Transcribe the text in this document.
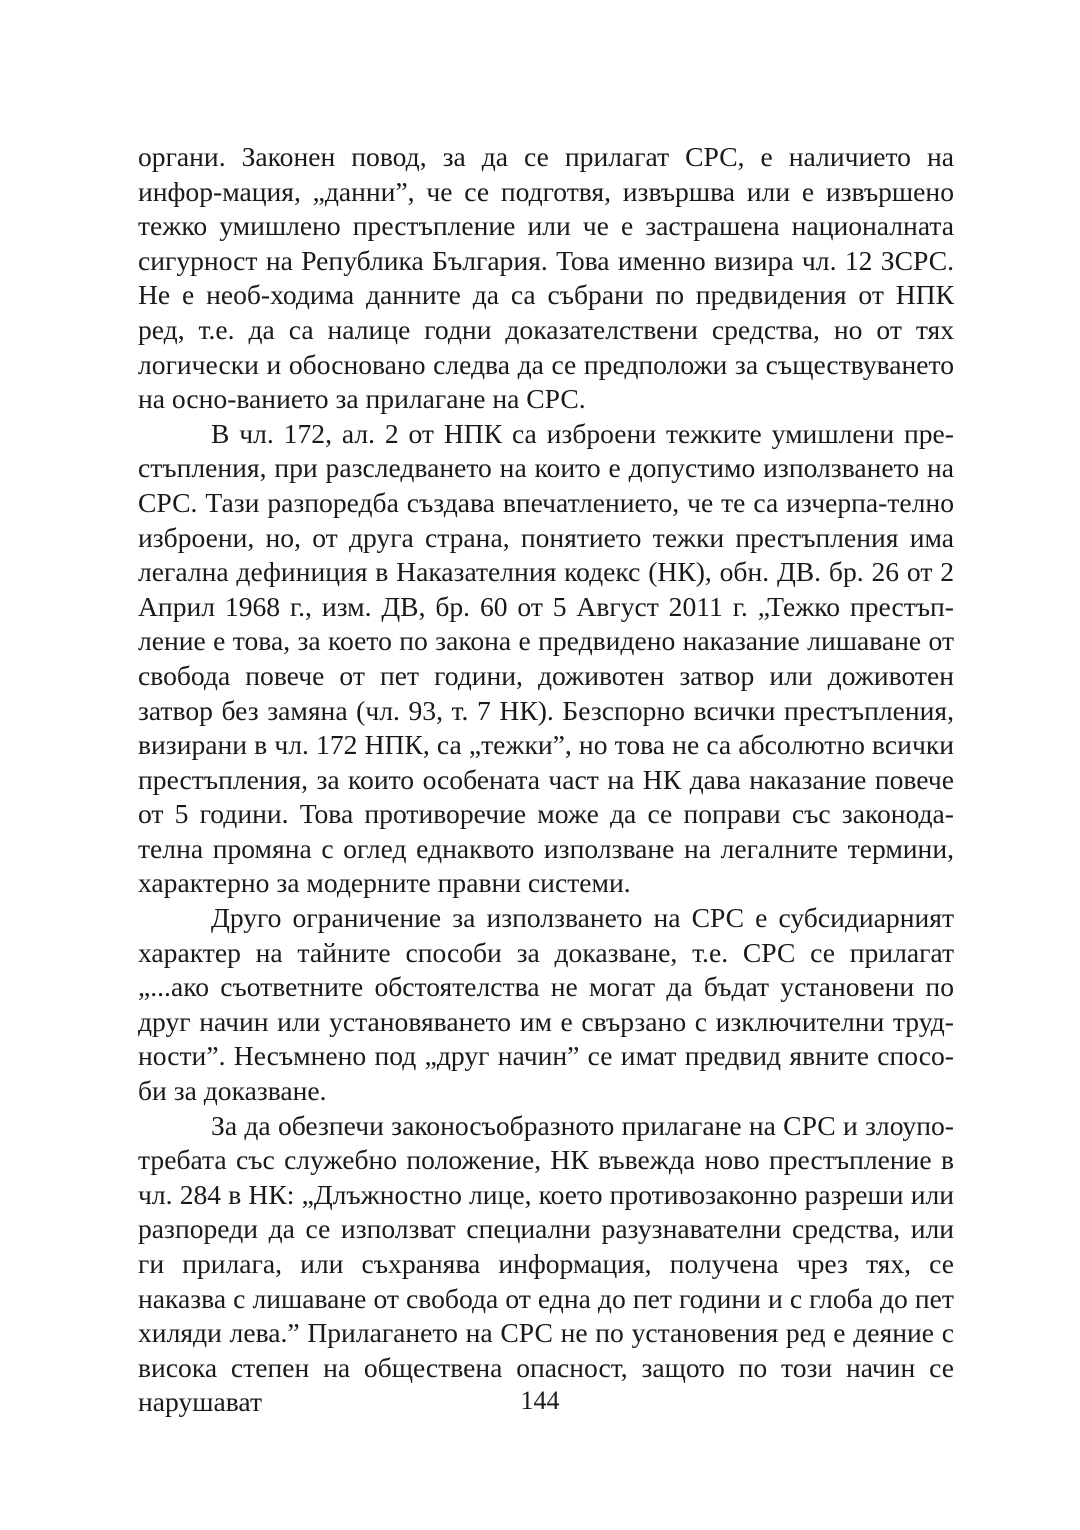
органи. Законен повод, за да се прилагат СРС, е наличието на инфор-мация, „данни”, че се подготвя, извършва или е извършено тежко умишлено престъпление или че е застрашена националната сигурност на Република България. Това именно визира чл. 12 ЗСРС. Не е необ-ходима данните да са събрани по предвидения от НПК ред, т.е. да са налице годни доказателствени средства, но от тях логически и обосновано следва да се предположи за съществуването на осно-ванието за прилагане на СРС.

В чл. 172, ал. 2 от НПК са изброени тежките умишлени пре-стъпления, при разследването на които е допустимо използването на СРС. Тази разпоредба създава впечатлението, че те са изчерпа-телно изброени, но, от друга страна, понятието тежки престъпления има легална дефиниция в Наказателния кодекс (НК), обн. ДВ. бр. 26 от 2 Април 1968 г., изм. ДВ, бр. 60 от 5 Август 2011 г. „Тежко престъп-ление е това, за което по закона е предвидено наказание лишаване от свобода повече от пет години, доживотен затвор или доживотен затвор без замяна (чл. 93, т. 7 НК). Безспорно всички престъпления, визирани в чл. 172 НПК, са „тежки”, но това не са абсолютно всички престъпления, за които особената част на НК дава наказание повече от 5 години. Това противоречие може да се поправи със законода-телна промяна с оглед еднаквото използване на легалните термини, характерно за модерните правни системи.

Друго ограничение за използването на СРС е субсидиарният характер на тайните способи за доказване, т.е. СРС се прилагат „...ако съответните обстоятелства не могат да бъдат установени по друг начин или установяването им е свързано с изключителни труд-ности”. Несъмнено под „друг начин” се имат предвид явните спосо-би за доказване.

За да обезпечи законосъобразното прилагане на СРС и злоупо-требата със служебно положение, НК въвежда ново престъпление в чл. 284 в НК: „Длъжностно лице, което противозаконно разреши или разпореди да се използват специални разузнавателни средства, или ги прилага, или съхранява информация, получена чрез тях, се наказва с лишаване от свобода от една до пет години и с глоба до пет хиляди лева.” Прилагането на СРС не по установения ред е деяние с висока степен на обществена опасност, защото по този начин се нарушават	144
